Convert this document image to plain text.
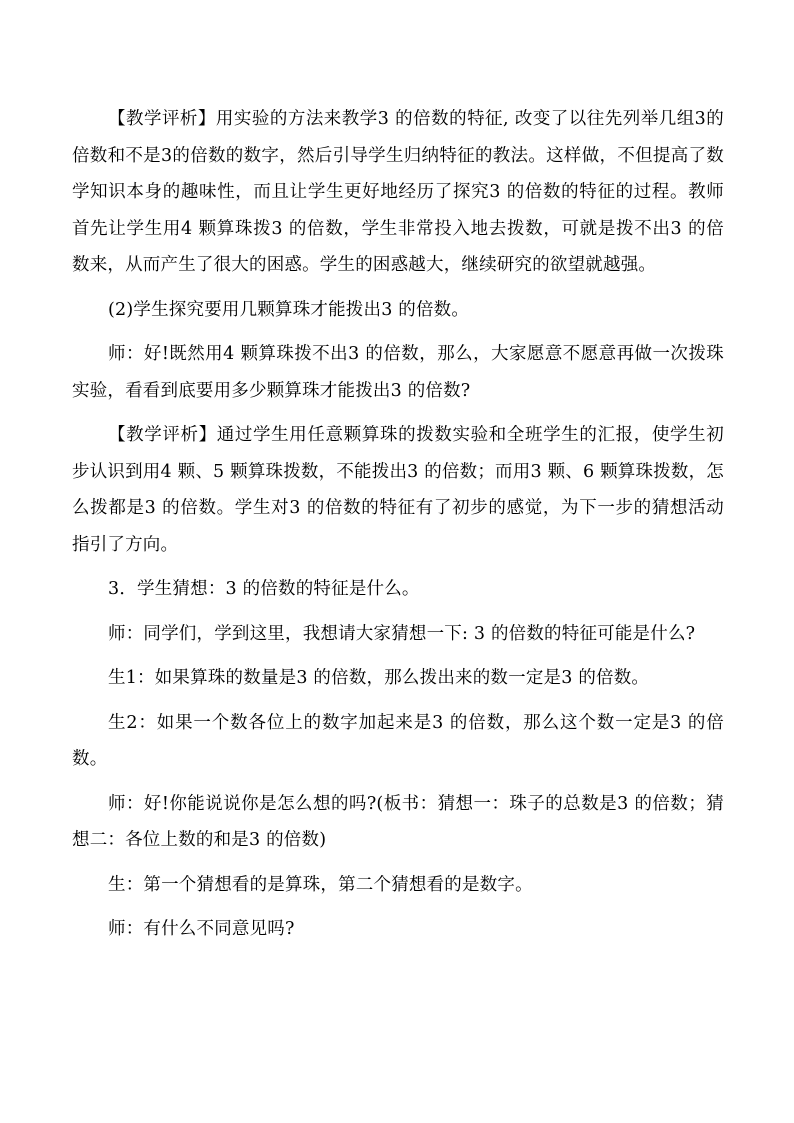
【教学评析】用实验的方法来教学3 的倍数的特征, 改变了以往先列举几组3的倍数和不是3的倍数的数字，然后引导学生归纳特征的教法。这样做，不但提高了数学知识本身的趣味性，而且让学生更好地经历了探究3 的倍数的特征的过程。教师首先让学生用4 颗算珠拨3 的倍数，学生非常投入地去拨数，可就是拨不出3 的倍数来，从而产生了很大的困惑。学生的困惑越大，继续研究的欲望就越强。

(2)学生探究要用几颗算珠才能拨出3 的倍数。

师：好!既然用4 颗算珠拨不出3 的倍数，那么，大家愿意不愿意再做一次拨珠实验，看看到底要用多少颗算珠才能拨出3 的倍数?

【教学评析】通过学生用任意颗算珠的拨数实验和全班学生的汇报，使学生初步认识到用4 颗、5 颗算珠拨数，不能拨出3 的倍数；而用3 颗、6 颗算珠拨数，怎么拨都是3 的倍数。学生对3 的倍数的特征有了初步的感觉，为下一步的猜想活动指引了方向。

3．学生猜想：3 的倍数的特征是什么。

师：同学们，学到这里，我想请大家猜想一下: 3 的倍数的特征可能是什么?

生1：如果算珠的数量是3 的倍数，那么拨出来的数一定是3 的倍数。

生2：如果一个数各位上的数字加起来是3 的倍数，那么这个数一定是3 的倍数。

师：好!你能说说你是怎么想的吗?(板书：猜想一：珠子的总数是3 的倍数；猜想二：各位上数的和是3 的倍数)

生：第一个猜想看的是算珠，第二个猜想看的是数字。

师：有什么不同意见吗?
